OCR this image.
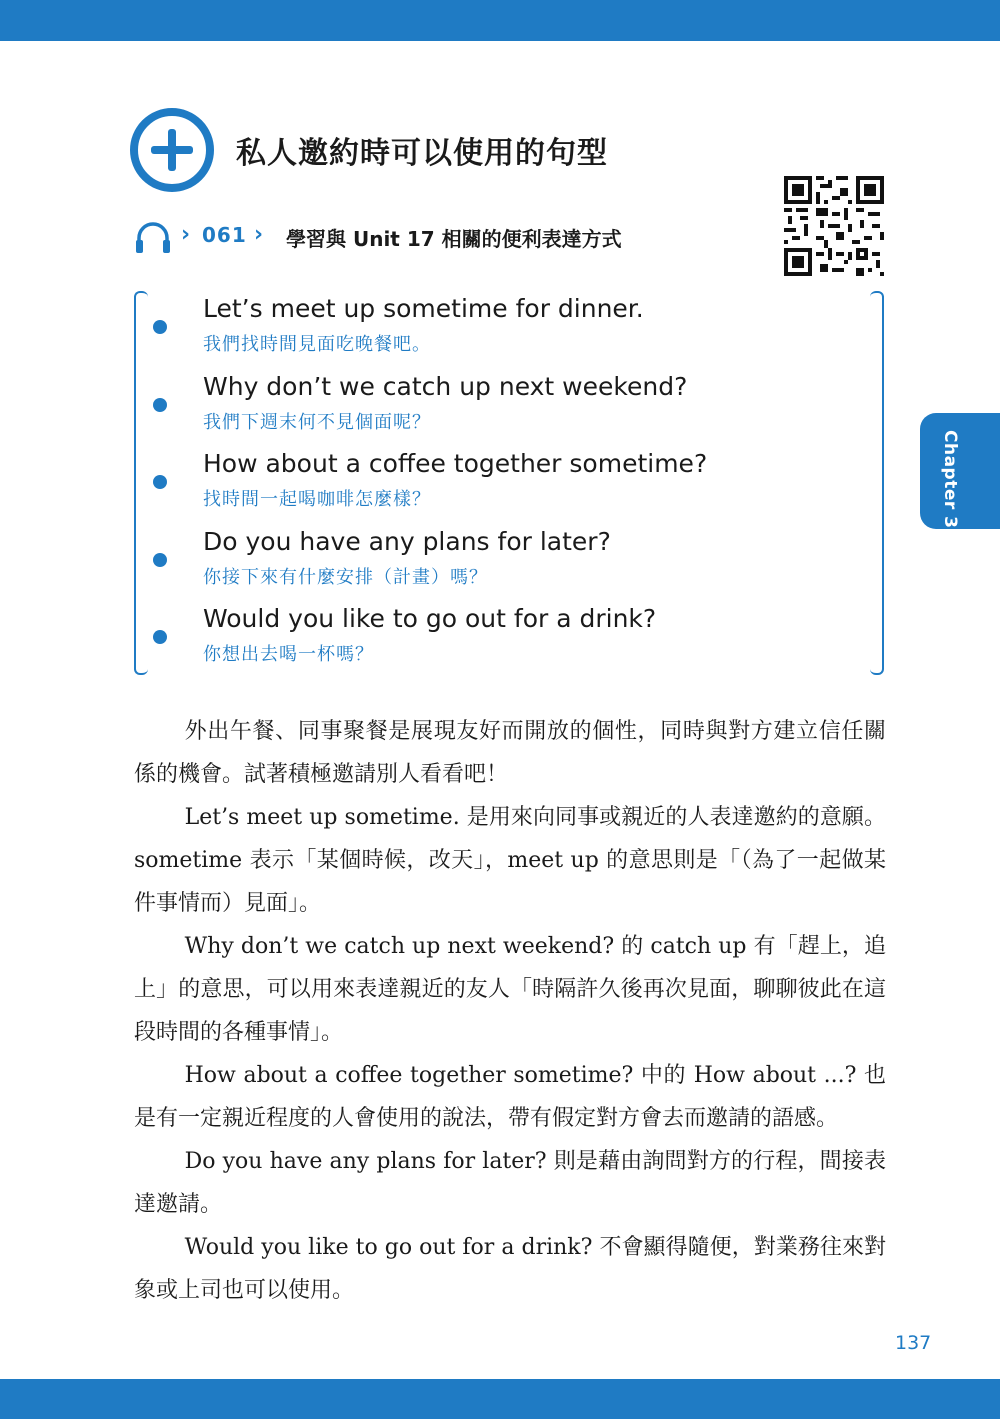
私人邀約時可以使用的句型
› 061 › 學習與 Unit 17 相關的便利表達方式
Let’s meet up sometime for dinner.
我們找時間見面吃晚餐吧。
Why don’t we catch up next weekend?
我們下週末何不見個面呢？
How about a coffee together sometime?
找時間一起喝咖啡怎麼樣？
Do you have any plans for later?
你接下來有什麼安排（計畫）嗎？
Would you like to go out for a drink?
你想出去喝一杯嗎？
Chapter 3

外出午餐、同事聚餐是展現友好而開放的個性，同時與對方建立信任關係的機會。試著積極邀請別人看看吧！

Let’s meet up sometime. 是用來向同事或親近的人表達邀約的意願。sometime 表示「某個時候，改天」，meet up 的意思則是「（為了一起做某件事情而）見面」。

Why don’t we catch up next weekend? 的 catch up 有「趕上，追上」的意思，可以用來表達親近的友人「時隔許久後再次見面，聊聊彼此在這段時間的各種事情」。

How about a coffee together sometime? 中的 How about ...? 也是有一定親近程度的人會使用的說法，帶有假定對方會去而邀請的語感。

Do you have any plans for later? 則是藉由詢問對方的行程，間接表達邀請。

Would you like to go out for a drink? 不會顯得隨便，對業務往來對象或上司也可以使用。

137
